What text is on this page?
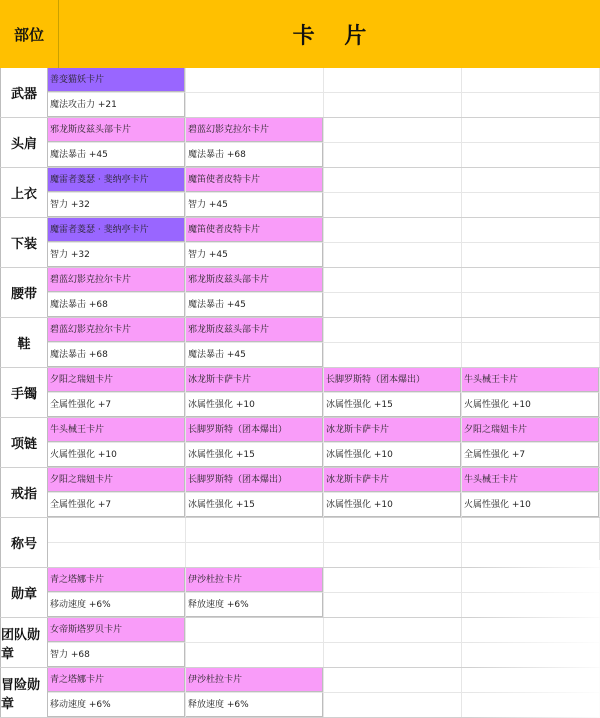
部位	卡 片
武器
善变猫妖卡片
魔法攻击力 +21
头肩
邪龙斯皮兹头部卡片
魔法暴击 +45
碧蓝幻影克拉尔卡片
魔法暴击 +68
上衣
魔雷者菱瑟 · 斐纳亭卡片
智力 +32
魔笛使者皮特卡片
智力 +45
下装
魔雷者菱瑟 · 斐纳亭卡片
智力 +32
魔笛使者皮特卡片
智力 +45
腰带
碧蓝幻影克拉尔卡片
魔法暴击 +68
邪龙斯皮兹头部卡片
魔法暴击 +45
鞋
碧蓝幻影克拉尔卡片
魔法暴击 +68
邪龙斯皮兹头部卡片
魔法暴击 +45
手镯
夕阳之瑞妞卡片
全属性强化 +7
冰龙斯卡萨卡片
冰属性强化 +10
长脚罗斯特（团本爆出）
冰属性强化 +15
牛头械王卡片
火属性强化 +10
项链
牛头械王卡片
火属性强化 +10
长脚罗斯特（团本爆出）
冰属性强化 +15
冰龙斯卡萨卡片
冰属性强化 +10
夕阳之瑞妞卡片
全属性强化 +7
戒指
夕阳之瑞妞卡片
全属性强化 +7
长脚罗斯特（团本爆出）
冰属性强化 +15
冰龙斯卡萨卡片
冰属性强化 +10
牛头械王卡片
火属性强化 +10
称号
勋章
青之塔娜卡片
移动速度 +6%
伊沙杜拉卡片
释放速度 +6%
团队勋章
女帝斯塔罗贝卡片
智力 +68
冒险勋章
青之塔娜卡片
移动速度 +6%
伊沙杜拉卡片
释放速度 +6%
